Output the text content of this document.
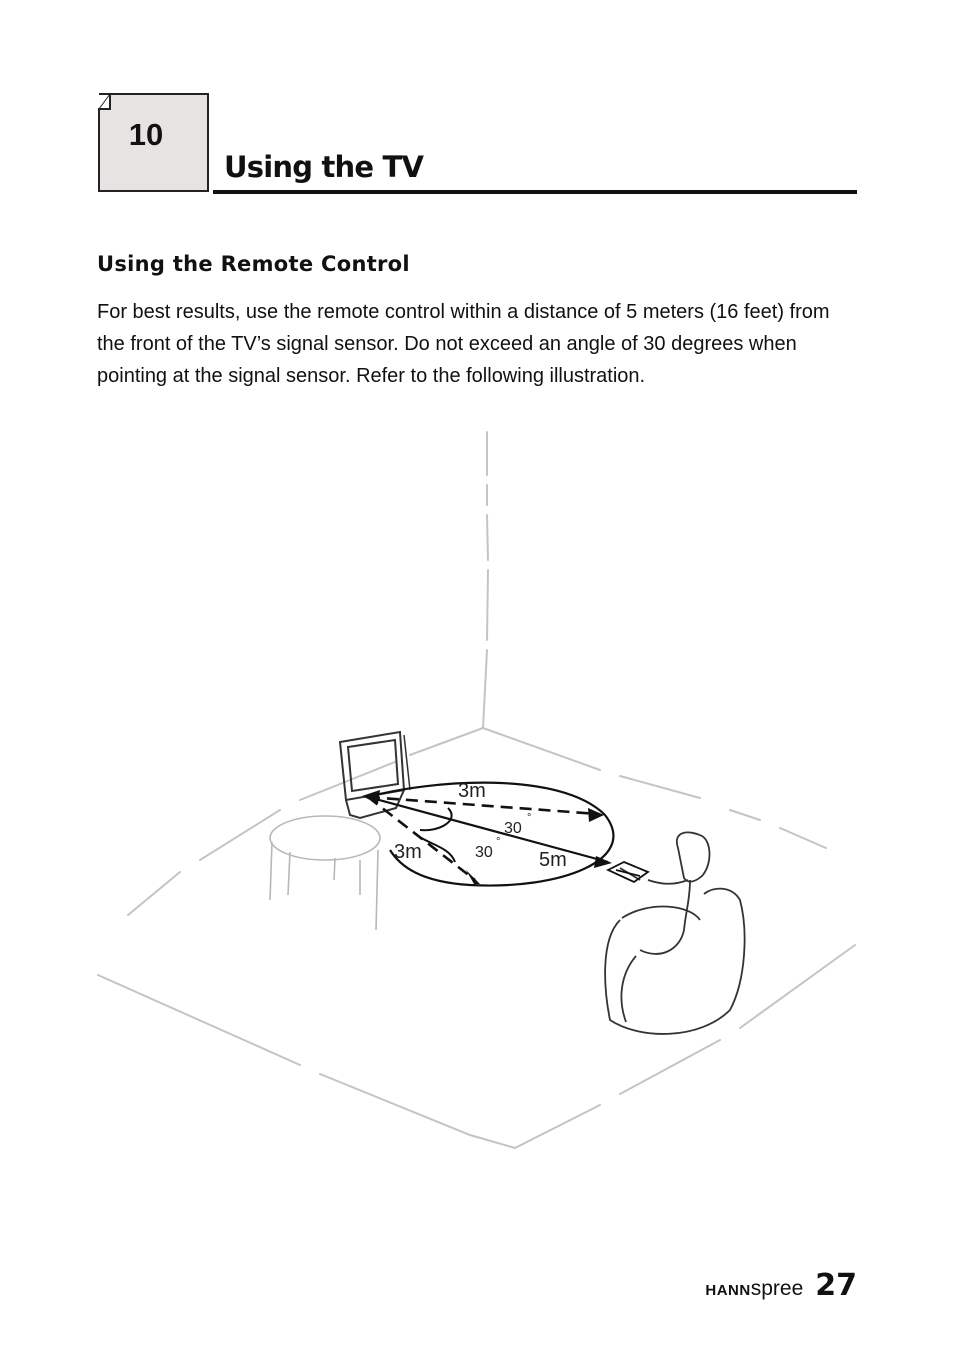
10
Using the TV
Using the Remote Control

For best results, use the remote control within a distance of 5 meters (16 feet) from the front of the TV’s signal sensor. Do not exceed an angle of 30 degrees when pointing at the signal sensor. Refer to the following illustration.

3m
3m	5m
30
°
30
°
HANN spree 27
